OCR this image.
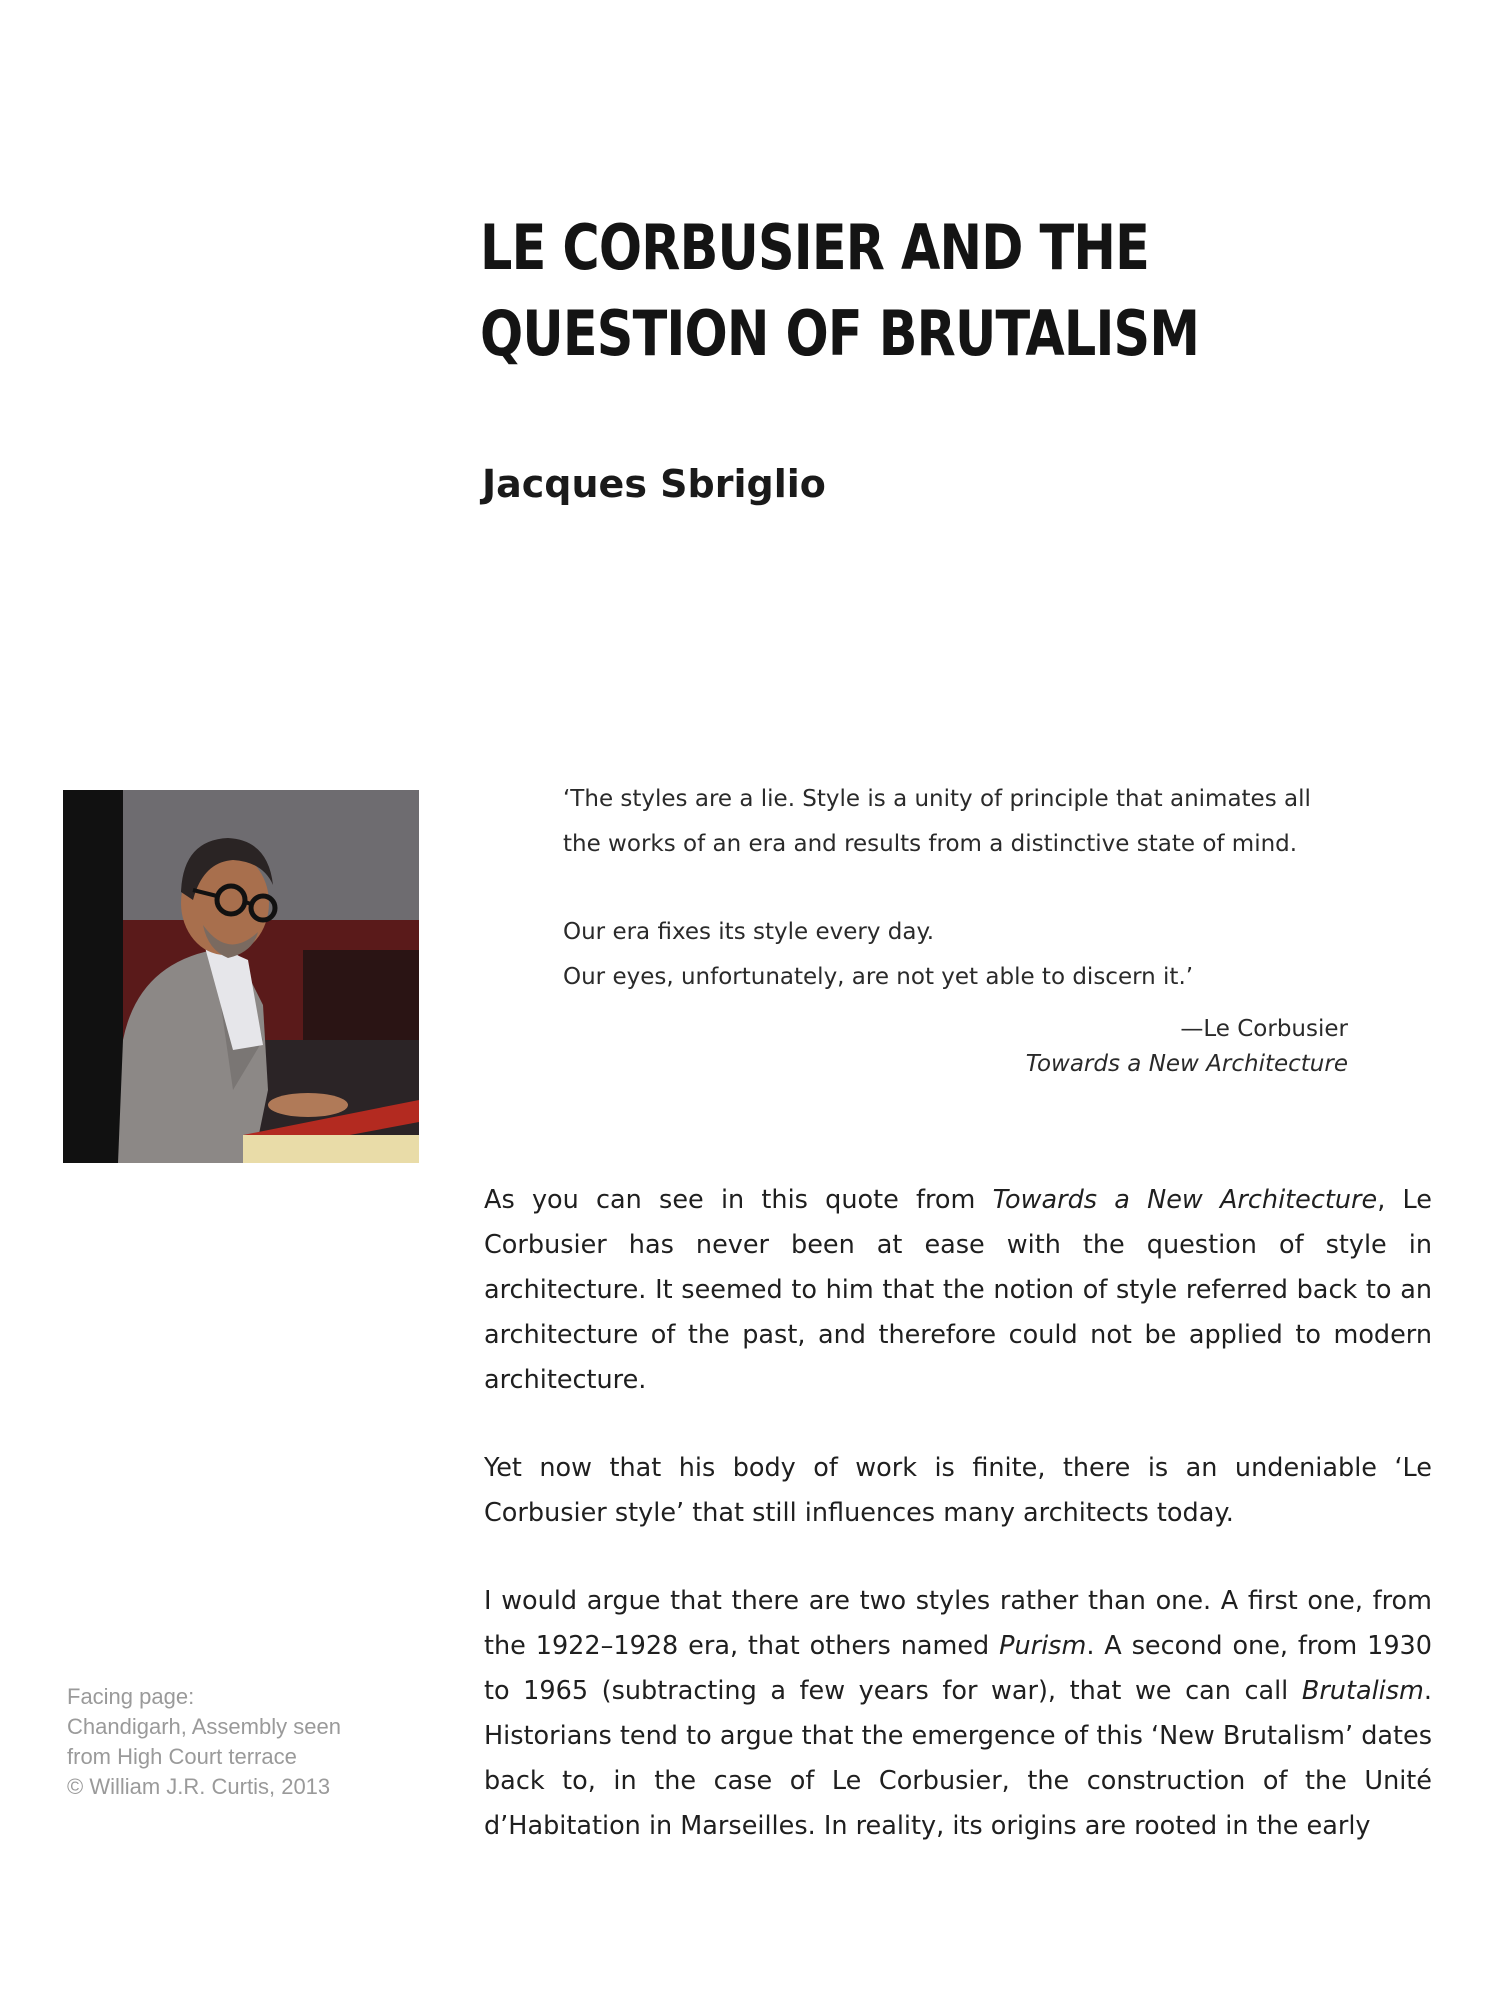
LE CORBUSIER AND THE
QUESTION OF BRUTALISM
Jacques Sbriglio

‘The styles are a lie. Style is a unity of principle that animates all

the works of an era and results from a distinctive state of mind.

Our era fixes its style every day.

Our eyes, unfortunately, are not yet able to discern it.’

—Le Corbusier
Towards a New Architecture

As you can see in this quote from Towards a New Architecture, Le Corbusier has never been at ease with the question of style in architecture. It seemed to him that the notion of style referred back to an architecture of the past, and therefore could not be applied to modern architecture.

Yet now that his body of work is finite, there is an undeniable ‘Le Corbusier style’ that still influences many architects today.

I would argue that there are two styles rather than one. A first one, from the 1922–1928 era, that others named Purism. A second one, from 1930 to 1965 (subtracting a few years for war), that we can call Brutalism. Historians tend to argue that the emergence of this ‘New Brutalism’ dates back to, in the case of Le Corbusier, the construction of the Unité d’Habitation in Marseilles. In reality, its origins are rooted in the early

Facing page:
Chandigarh, Assembly seen
from High Court terrace
© William J.R. Curtis, 2013
